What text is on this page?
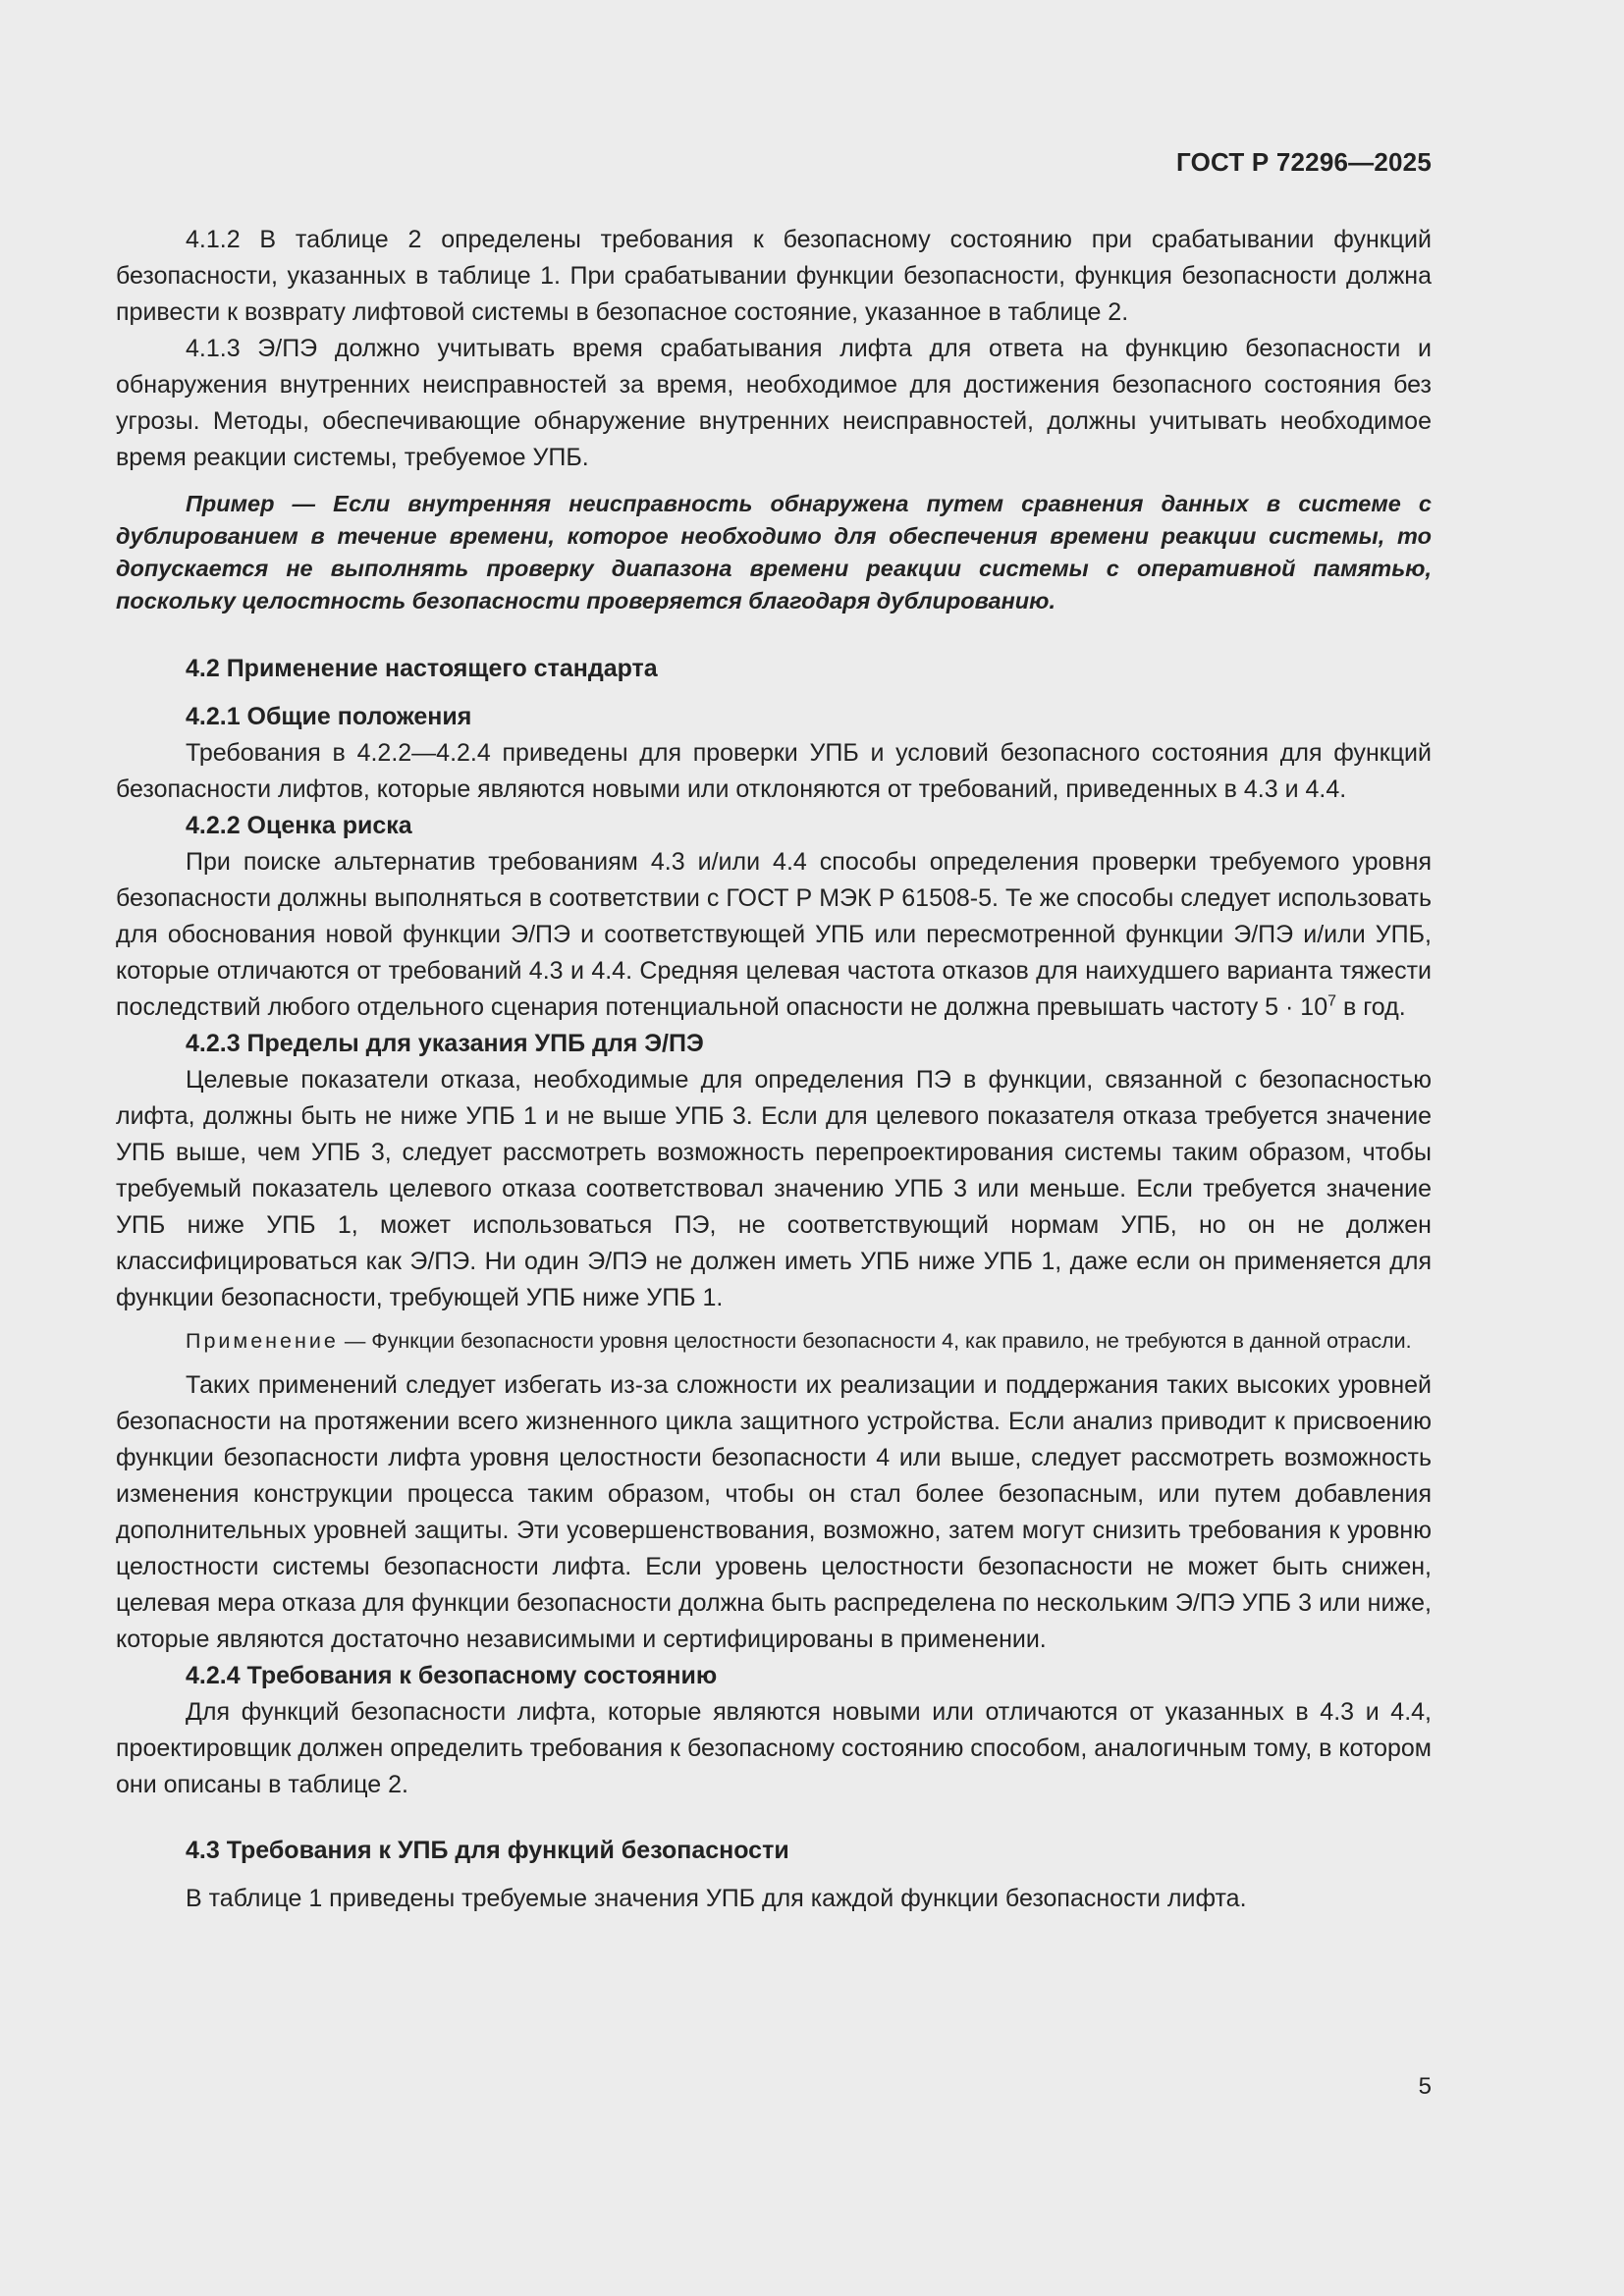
ГОСТ Р 72296—2025

4.1.2 В таблице 2 определены требования к безопасному состоянию при срабатывании функций безопасности, указанных в таблице 1. При срабатывании функции безопасности, функция безопасности должна привести к возврату лифтовой системы в безопасное состояние, указанное в таблице 2.

4.1.3 Э/ПЭ должно учитывать время срабатывания лифта для ответа на функцию безопасности и обнаружения внутренних неисправностей за время, необходимое для достижения безопасного состояния без угрозы. Методы, обеспечивающие обнаружение внутренних неисправностей, должны учитывать необходимое время реакции системы, требуемое УПБ.

Пример — Если внутренняя неисправность обнаружена путем сравнения данных в системе с дублированием в течение времени, которое необходимо для обеспечения времени реакции системы, то допускается не выполнять проверку диапазона времени реакции системы с оперативной памятью, поскольку целостность безопасности проверяется благодаря дублированию.

4.2 Применение настоящего стандарта

4.2.1 Общие положения

Требования в 4.2.2—4.2.4 приведены для проверки УПБ и условий безопасного состояния для функций безопасности лифтов, которые являются новыми или отклоняются от требований, приведенных в 4.3 и 4.4.

4.2.2 Оценка риска

При поиске альтернатив требованиям 4.3 и/или 4.4 способы определения проверки требуемого уровня безопасности должны выполняться в соответствии с ГОСТ Р МЭК Р 61508-5. Те же способы следует использовать для обоснования новой функции Э/ПЭ и соответствующей УПБ или пересмотренной функции Э/ПЭ и/или УПБ, которые отличаются от требований 4.3 и 4.4. Средняя целевая частота отказов для наихудшего варианта тяжести последствий любого отдельного сценария потенциальной опасности не должна превышать частоту $5 \cdot 10^7$ в год.

4.2.3 Пределы для указания УПБ для Э/ПЭ

Целевые показатели отказа, необходимые для определения ПЭ в функции, связанной с безопасностью лифта, должны быть не ниже УПБ 1 и не выше УПБ 3. Если для целевого показателя отказа требуется значение УПБ выше, чем УПБ 3, следует рассмотреть возможность перепроектирования системы таким образом, чтобы требуемый показатель целевого отказа соответствовал значению УПБ 3 или меньше. Если требуется значение УПБ ниже УПБ 1, может использоваться ПЭ, не соответствующий нормам УПБ, но он не должен классифицироваться как Э/ПЭ. Ни один Э/ПЭ не должен иметь УПБ ниже УПБ 1, даже если он применяется для функции безопасности, требующей УПБ ниже УПБ 1.

Применение — Функции безопасности уровня целостности безопасности 4, как правило, не требуются в данной отрасли.

Таких применений следует избегать из-за сложности их реализации и поддержания таких высоких уровней безопасности на протяжении всего жизненного цикла защитного устройства. Если анализ приводит к присвоению функции безопасности лифта уровня целостности безопасности 4 или выше, следует рассмотреть возможность изменения конструкции процесса таким образом, чтобы он стал более безопасным, или путем добавления дополнительных уровней защиты. Эти усовершенствования, возможно, затем могут снизить требования к уровню целостности системы безопасности лифта. Если уровень целостности безопасности не может быть снижен, целевая мера отказа для функции безопасности должна быть распределена по нескольким Э/ПЭ УПБ 3 или ниже, которые являются достаточно независимыми и сертифицированы в применении.

4.2.4 Требования к безопасному состоянию

Для функций безопасности лифта, которые являются новыми или отличаются от указанных в 4.3 и 4.4, проектировщик должен определить требования к безопасному состоянию способом, аналогичным тому, в котором они описаны в таблице 2.

4.3 Требования к УПБ для функций безопасности

В таблице 1 приведены требуемые значения УПБ для каждой функции безопасности лифта.

5
